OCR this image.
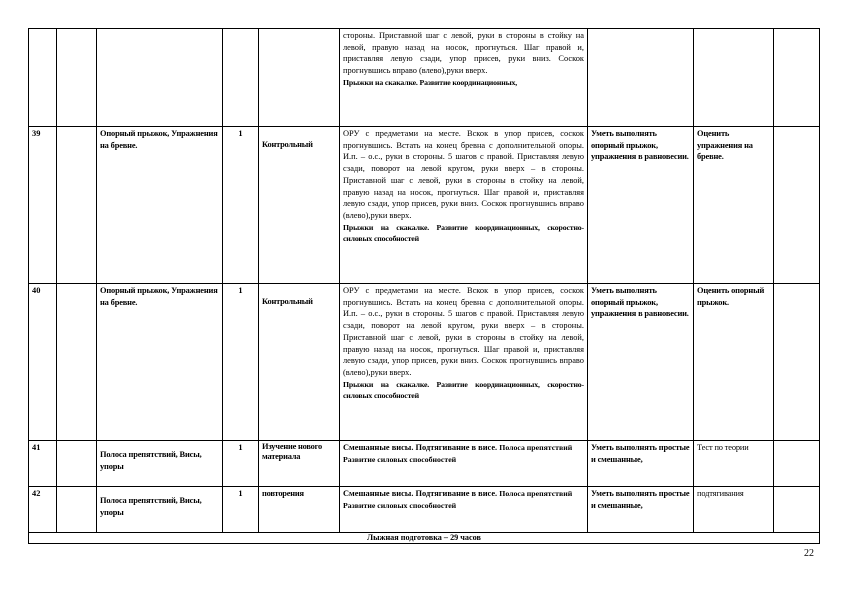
					стороны. Приставной шаг с левой, руки в стороны в стойку на левой, правую назад на носок, прогнуться. Шаг правой и, приставляя левую сзади, упор присев, руки вниз. Соскок прогнувшись вправо (влево),руки вверх.
Прыжки на скакалке. Развитие координационных,			

39		Опорный прыжок, Упражнения на бревне.	1	Контрольный	ОРУ с предметами на месте. Вскок в упор присев, соскок прогнувшись. Встать на конец бревна с дополнительной опоры. И.п. – о.с., руки в стороны. 5 шагов с правой. Приставляя левую сзади, поворот на левой кругом, руки вверх – в стороны. Приставной шаг с левой, руки в стороны в стойку на левой, правую назад на носок, прогнуться. Шаг правой и, приставляя левую сзади, упор присев, руки вниз. Соскок прогнувшись вправо (влево),руки вверх.
Прыжки на скакалке. Развитие координационных, скоростно-силовых способностей	Уметь выполнять опорный прыжок, упражнения в равновесии.	Оценить упражнения на бревне.	
40		Опорный прыжок, Упражнения на бревне.	1	Контрольный	ОРУ с предметами на месте. Вскок в упор присев, соскок прогнувшись. Встать на конец бревна с дополнительной опоры. И.п. – о.с., руки в стороны. 5 шагов с правой. Приставляя левую сзади, поворот на левой кругом, руки вверх – в стороны. Приставной шаг с левой, руки в стороны в стойку на левой, правую назад на носок, прогнуться. Шаг правой и, приставляя левую сзади, упор присев, руки вниз. Соскок прогнувшись вправо (влево),руки вверх.
Прыжки на скакалке. Развитие координационных, скоростно-силовых способностей	Уметь выполнять опорный прыжок, упражнения в равновесии.	Оценить опорный прыжок.	
41		Полоса препятствий, Висы, упоры	1	Изучение нового материала	Смешанные висы. Подтягивание в висе. Полоса препятствий Развитие силовых способностей	Уметь выполнять простые и смешанные,	Тест по теории	
42		Полоса препятствий, Висы, упоры	1	повторения	Смешанные висы. Подтягивание в висе. Полоса препятствий Развитие силовых способностей	Уметь выполнять простые и смешанные,	подтягивания	
Лыжная подготовка – 29 часов								
22
